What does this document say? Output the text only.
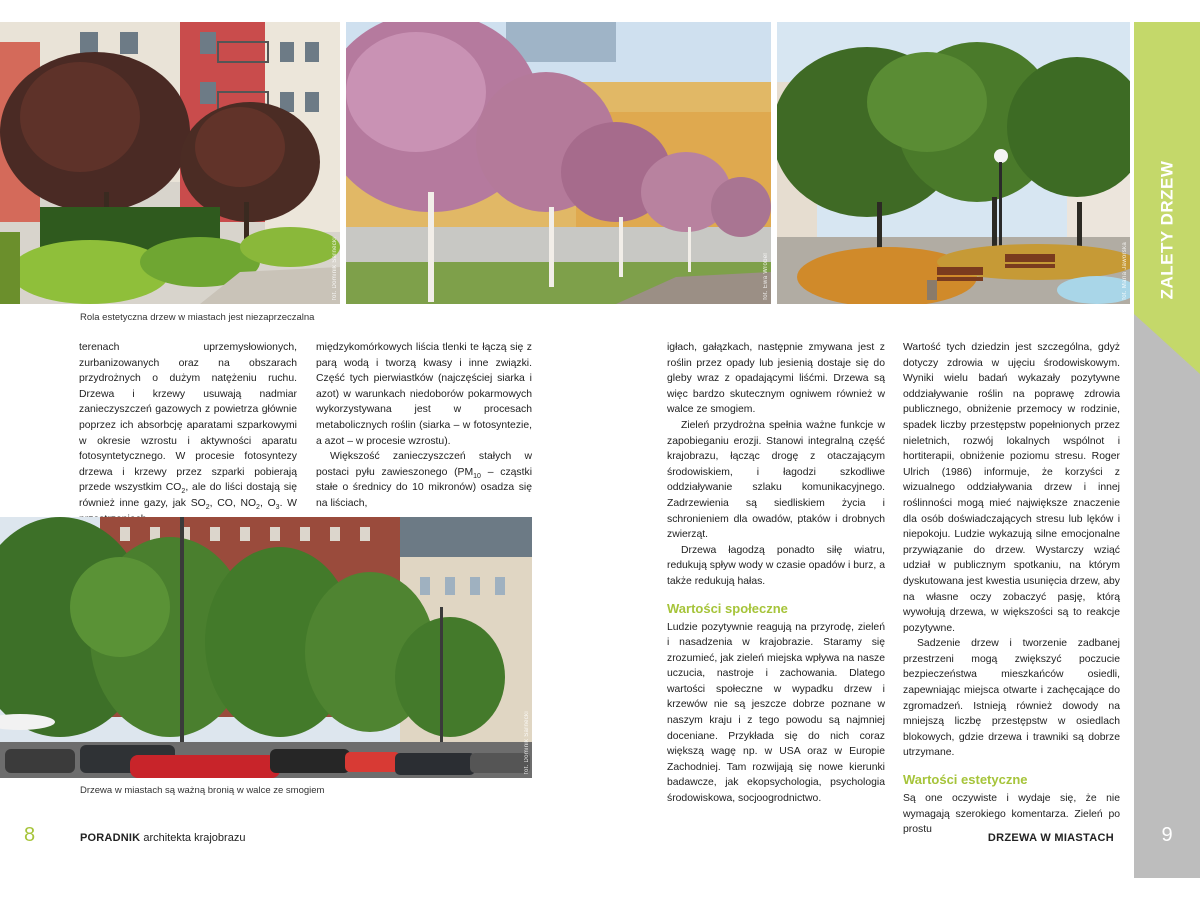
fot. Dominik Sarnecki	fot. Ewa Wróbel	fot. Maria Jaworska
Rola estetyczna drzew w miastach jest niezaprzeczalna

terenach uprzemysłowionych, zurbanizowanych oraz na obszarach przydrożnych o dużym natężeniu ruchu. Drzewa i krzewy usuwają nadmiar zanieczyszczeń gazowych z powietrza głównie poprzez ich absorbcję aparatami szparkowymi w okresie wzrostu i aktywności aparatu fotosyntetycznego. W procesie fotosyntezy drzewa i krzewy przez szparki pobierają przede wszystkim $CO_2$, ale do liści dostają się również inne gazy, jak $SO_2$, CO, $NO_2$, $O_3$. W

międzykomórkowych liścia tlenki te łączą się z parą wodą i tworzą kwasy i inne związki. Część tych pierwiastków (najczęściej siarka i azot) w warunkach niedoborów pokarmowych wykorzystywana jest w procesach metabolicznych roślin (siarka – w fotosyntezie, a azot – w procesie wzrostu).

Większość zanieczyszczeń stałych w postaci pyłu zawieszonego ($PM_{10}$ – cząstki stałe o średnicy do 10 mikronów) osadza się na liściach,

fot. Dominik Sarnecki
Drzewa w miastach są ważną bronią w walce ze smogiem

igłach, gałązkach, następnie zmywana jest z roślin przez opady lub jesienią dostaje się do gleby wraz z opadającymi liśćmi. Drzewa są więc bardzo skutecznym ogniwem również w walce ze smogiem.

Zieleń przydrożna spełnia ważne funkcje w zapobieganiu erozji. Stanowi integralną część krajobrazu, łącząc drogę z otaczającym środowiskiem, i łagodzi szkodliwe oddziaływanie szlaku komunikacyjnego. Zadrzewienia są siedliskiem życia i schronieniem dla owadów, ptaków i drobnych zwierząt.

Drzewa łagodzą ponadto siłę wiatru, redukują spływ wody w czasie opadów i burz, a także redukują hałas.

Wartości społeczne

Ludzie pozytywnie reagują na przyrodę, zieleń i nasadzenia w krajobrazie. Staramy się zrozumieć, jak zieleń miejska wpływa na nasze uczucia, nastroje i zachowania. Dlatego wartości społeczne w wypadku drzew i krzewów nie są jeszcze dobrze poznane w naszym kraju i z tego powodu są najmniej doceniane. Przykłada się do nich coraz większą wagę np. w USA oraz w Europie Zachodniej. Tam rozwijają się nowe kierunki badawcze, jak ekopsychologia, psychologia środowiskowa, socjoogrodnictwo.

Wartość tych dziedzin jest szczególna, gdyż dotyczy zdrowia w ujęciu środowiskowym. Wyniki wielu badań wykazały pozytywne oddziaływanie roślin na poprawę zdrowia publicznego, obniżenie przemocy w rodzinie, spadek liczby przestępstw popełnionych przez nieletnich, rozwój lokalnych wspólnot i hortiterapii, obniżenie poziomu stresu. Roger Ulrich (1986) informuje, że korzyści z wizualnego oddziaływania drzew i innej roślinności mogą mieć największe znaczenie dla osób doświadczających stresu lub lęków i niepokoju. Ludzie wykazują silne emocjonalne przywiązanie do drzew. Wystarczy wziąć udział w publicznym spotkaniu, na którym dyskutowana jest kwestia usunięcia drzew, aby na własne oczy zobaczyć pasję, którą wywołują drzewa, w większości są to reakcje pozytywne.

Sadzenie drzew i tworzenie zadbanej przestrzeni mogą zwiększyć poczucie bezpieczeństwa mieszkańców osiedli, zapewniając miejsca otwarte i zachęcające do zgromadzeń. Istnieją również dowody na mniejszą liczbę przestępstw w osiedlach blokowych, gdzie drzewa i trawniki są dobrze utrzymane.

Wartości estetyczne

Są one oczywiste i wydaje się, że nie wymagają szerokiego komentarza. Zieleń po prostu

8	PORADNIK architekta krajobrazu	DRZEWA W MIASTACH
ZALETY DRZEW
9
